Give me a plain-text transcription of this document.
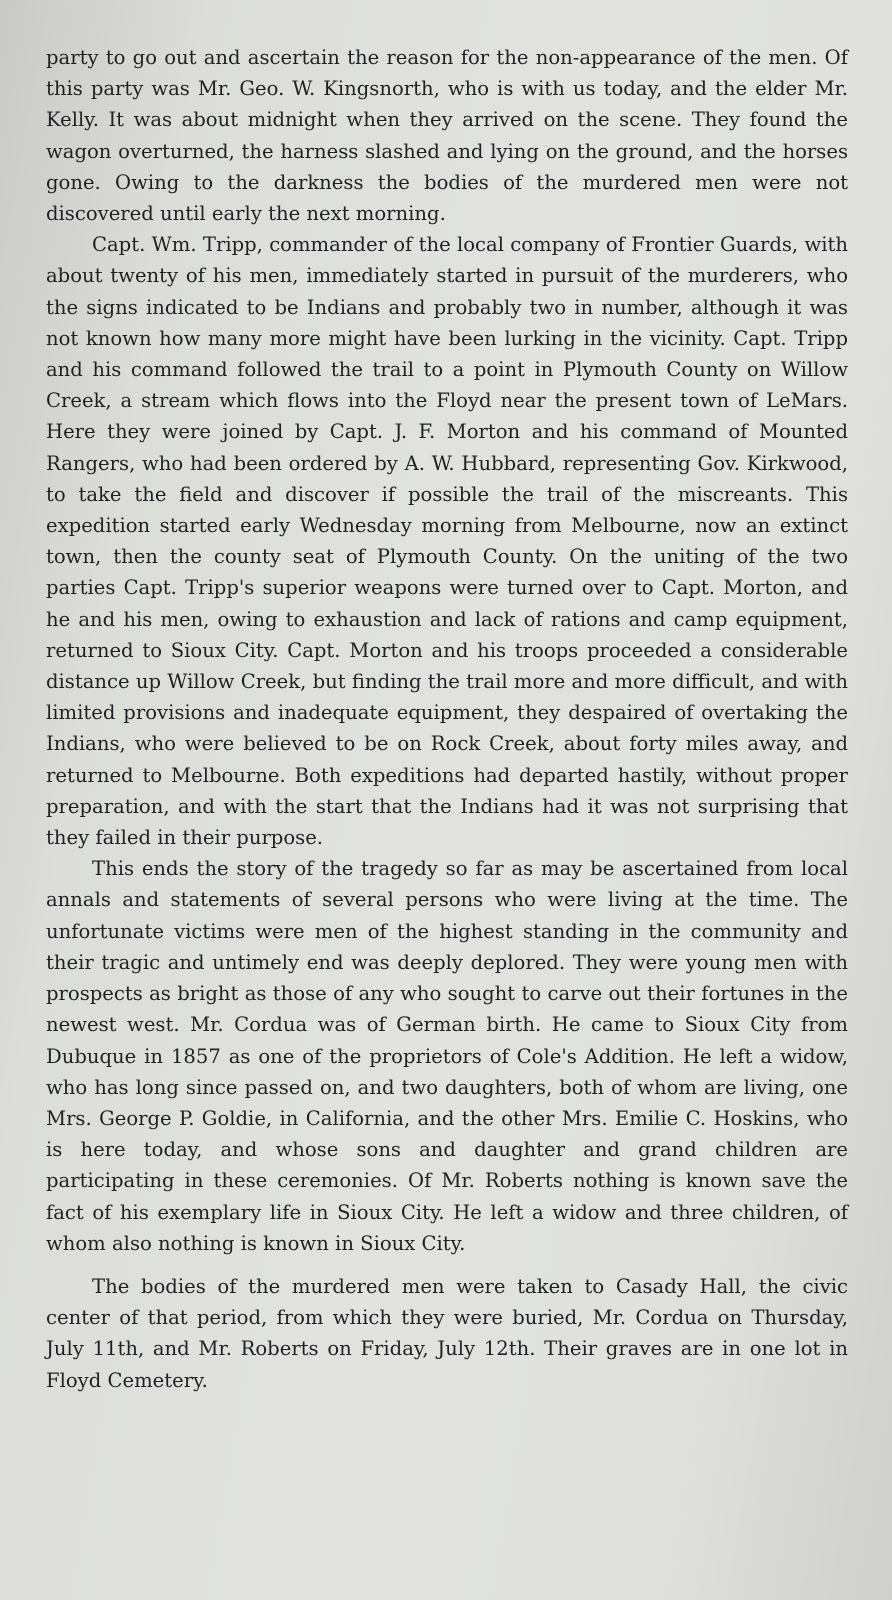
party to go out and ascertain the reason for the non-appearance of the men. Of this party was Mr. Geo. W. Kingsnorth, who is with us today, and the elder Mr. Kelly. It was about midnight when they arrived on the scene. They found the wagon overturned, the harness slashed and lying on the ground, and the horses gone. Owing to the darkness the bodies of the murdered men were not discovered until early the next morning.

Capt. Wm. Tripp, commander of the local company of Frontier Guards, with about twenty of his men, immediately started in pursuit of the murderers, who the signs indicated to be Indians and probably two in number, although it was not known how many more might have been lurking in the vicinity. Capt. Tripp and his command followed the trail to a point in Plymouth County on Willow Creek, a stream which flows into the Floyd near the present town of LeMars. Here they were joined by Capt. J. F. Morton and his command of Mounted Rangers, who had been ordered by A. W. Hubbard, representing Gov. Kirkwood, to take the field and discover if possible the trail of the miscreants. This expedition started early Wednesday morning from Melbourne, now an extinct town, then the county seat of Plymouth County. On the uniting of the two parties Capt. Tripp's superior weapons were turned over to Capt. Morton, and he and his men, owing to exhaustion and lack of rations and camp equipment, returned to Sioux City. Capt. Morton and his troops proceeded a considerable distance up Willow Creek, but finding the trail more and more difficult, and with limited provisions and inadequate equipment, they despaired of overtaking the Indians, who were believed to be on Rock Creek, about forty miles away, and returned to Melbourne. Both expeditions had departed hastily, without proper preparation, and with the start that the Indians had it was not surprising that they failed in their purpose.

This ends the story of the tragedy so far as may be ascertained from local annals and statements of several persons who were living at the time. The unfortunate victims were men of the highest standing in the community and their tragic and untimely end was deeply deplored. They were young men with prospects as bright as those of any who sought to carve out their fortunes in the newest west. Mr. Cordua was of German birth. He came to Sioux City from Dubuque in 1857 as one of the proprietors of Cole's Addition. He left a widow, who has long since passed on, and two daughters, both of whom are living, one Mrs. George P. Goldie, in California, and the other Mrs. Emilie C. Hoskins, who is here today, and whose sons and daughter and grand children are participating in these ceremonies. Of Mr. Roberts nothing is known save the fact of his exemplary life in Sioux City. He left a widow and three children, of whom also nothing is known in Sioux City.

The bodies of the murdered men were taken to Casady Hall, the civic center of that period, from which they were buried, Mr. Cordua on Thursday, July 11th, and Mr. Roberts on Friday, July 12th. Their graves are in one lot in Floyd Cemetery.
